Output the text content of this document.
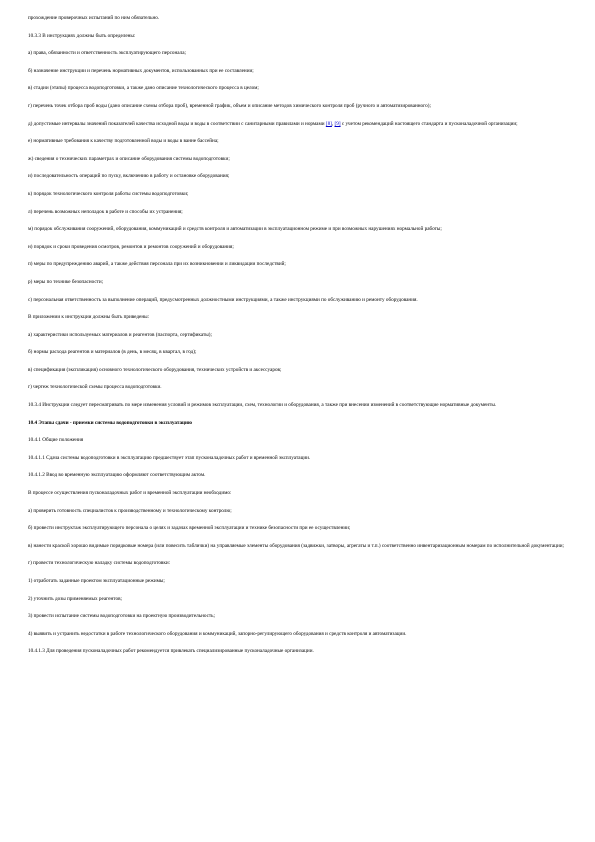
прохождение проверочных испытаний по ним обязательно.

10.3.3 В инструкциях должны быть определены:

а) права, обязанности и ответственность эксплуатирующего персонала;

б) назначение инструкции и перечень нормативных документов, использованных при ее составлении;

в) стадии (этапы) процесса водоподготовки, а также дано описание технологического процесса в целом;

г) перечень точек отбора проб воды (дано описание схемы отбора проб), временной график, объем и описание методов химического контроля проб (ручного и автоматизированного);

д) допустимые интервалы значений показателей качества исходной воды и воды в соответствии с санитарными правилами и нормами [8], [9] с учетом рекомендаций настоящего стандарта и пусконаладочной организации;

е) нормативные требования к качеству подготовленной воды и воды в ванне бассейна;

ж) сведения о технических параметрах и описание оборудования системы водоподготовки;

и) последовательность операций по пуску, включению в работу и остановке оборудования;

к) порядок технологического контроля работы системы водоподготовки;

л) перечень возможных неполадок в работе и способы их устранения;

м) порядок обслуживания сооружений, оборудования, коммуникаций и средств контроля и автоматизации в эксплуатационном режиме и при возможных нарушениях нормальной работы;

н) порядок и сроки проведения осмотров, ремонтов и ремонтов сооружений и оборудования;

п) меры по предупреждению аварий, а также действия персонала при их возникновении и ликвидации последствий;

р) меры по технике безопасности;

с) персональная ответственность за выполнение операций, предусмотренных должностными инструкциями, а также инструкциями по обслуживанию и ремонту оборудования.

В приложении к инструкции должны быть приведены:

а) характеристики используемых материалов и реагентов (паспорта, сертификаты);

б) нормы расхода реагентов и материалов (в день, в месяц, в квартал, в год);

в) спецификация (экспликация) основного технологического оборудования, технических устройств и аксессуаров;

г) чертеж технологической схемы процесса водоподготовки.

10.3.4 Инструкции следует пересматривать по мере изменения условий и режимов эксплуатации, схем, технологии и оборудования, а также при внесении изменений в соответствующие нормативные документы.

10.4 Этапы сдачи - приемки системы водоподготовки в эксплуатацию

10.4.1 Общие положения

10.4.1.1 Сдача системы водоподготовки в эксплуатацию предшествует этап пусконаладочных работ и временной эксплуатации.

10.4.1.2 Ввод во временную эксплуатацию оформляют соответствующим актом.

В процессе осуществления пусконаладочных работ и временной эксплуатации необходимо:

а) проверить готовность специалистов к производственному и технологическому контролю;

б) провести инструктаж эксплуатирующего персонала о целях и задачах временной эксплуатации и технике безопасности при ее осуществлении;

в) нанести краской хорошо видимые порядковые номера (или повесить таблички) на управляемые элементы оборудования (задвижки, затворы, агрегаты и т.п.) соответственно инвентаризационным номерам по исполнительной документации;

г) провести технологическую наладку системы водоподготовки:

1) отработать заданные проектом эксплуатационные режимы;

2) уточнить дозы применяемых реагентов;

3) провести испытание системы водоподготовки на проектную производительность;

4) выявить и устранить недостатки в работе технологического оборудования и коммуникаций, запорно-регулирующего оборудования и средств контроля и автоматизации.

10.4.1.3 Для проведения пусконаладочных работ рекомендуется привлекать специализированные пусконаладочные организации.
